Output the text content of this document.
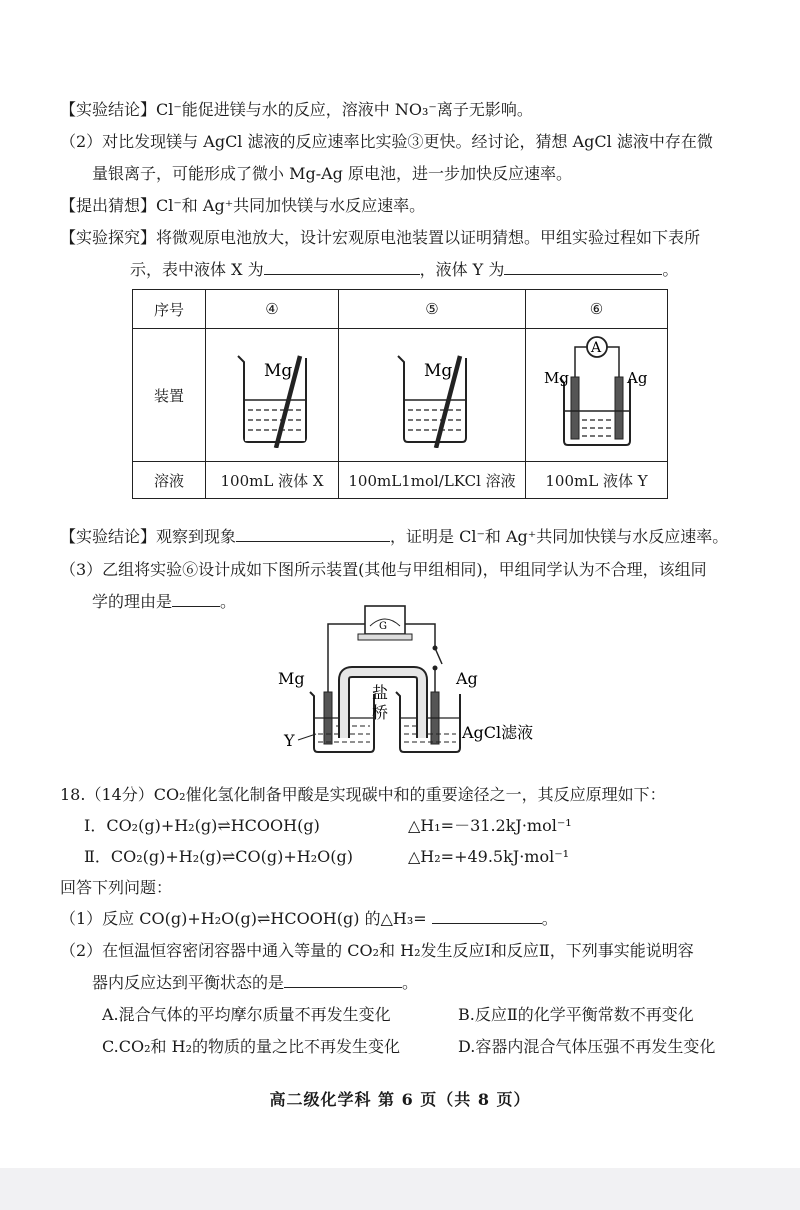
【实验结论】Cl⁻能促进镁与水的反应，溶液中 NO₃⁻离子无影响。
（2）对比发现镁与 AgCl 滤液的反应速率比实验③更快。经讨论，猜想 AgCl 滤液中存在微
量银离子，可能形成了微小 Mg-Ag 原电池，进一步加快反应速率。
【提出猜想】Cl⁻和 Ag⁺共同加快镁与水反应速率。
【实验探究】将微观原电池放大，设计宏观原电池装置以证明猜想。甲组实验过程如下表所
示，表中液体 X 为	，液体 Y 为	。
序号	④	⑤	⑥
装置	Mg	Mg	A
Mg Ag

溶液	100mL 液体 X	100mL1mol/LKCl 溶液	100mL 液体 Y
【实验结论】观察到现象	，证明是 Cl⁻和 Ag⁺共同加快镁与水反应速率。
（3）乙组将实验⑥设计成如下图所示装置(其他与甲组相同)，甲组同学认为不合理，该组同
学的理由是	。
G
Mg	Ag
Y
盐
桥
AgCl滤液
18.（14分）CO₂催化氢化制备甲酸是实现碳中和的重要途径之一，其反应原理如下：
Ⅰ．CO₂(g)+H₂(g)⇌HCOOH(g)	△H₁=－31.2kJ·mol⁻¹
Ⅱ．CO₂(g)+H₂(g)⇌CO(g)+H₂O(g)	△H₂=+49.5kJ·mol⁻¹
回答下列问题：
（1）反应 CO(g)+H₂O(g)⇌HCOOH(g) 的△H₃=	。
（2）在恒温恒容密闭容器中通入等量的 CO₂和 H₂发生反应Ⅰ和反应Ⅱ，下列事实能说明容
器内反应达到平衡状态的是	。
A.混合气体的平均摩尔质量不再发生变化	B.反应Ⅱ的化学平衡常数不再变化
C.CO₂和 H₂的物质的量之比不再发生变化	D.容器内混合气体压强不再发生变化
高二级化学科 第 6 页（共 8 页）
